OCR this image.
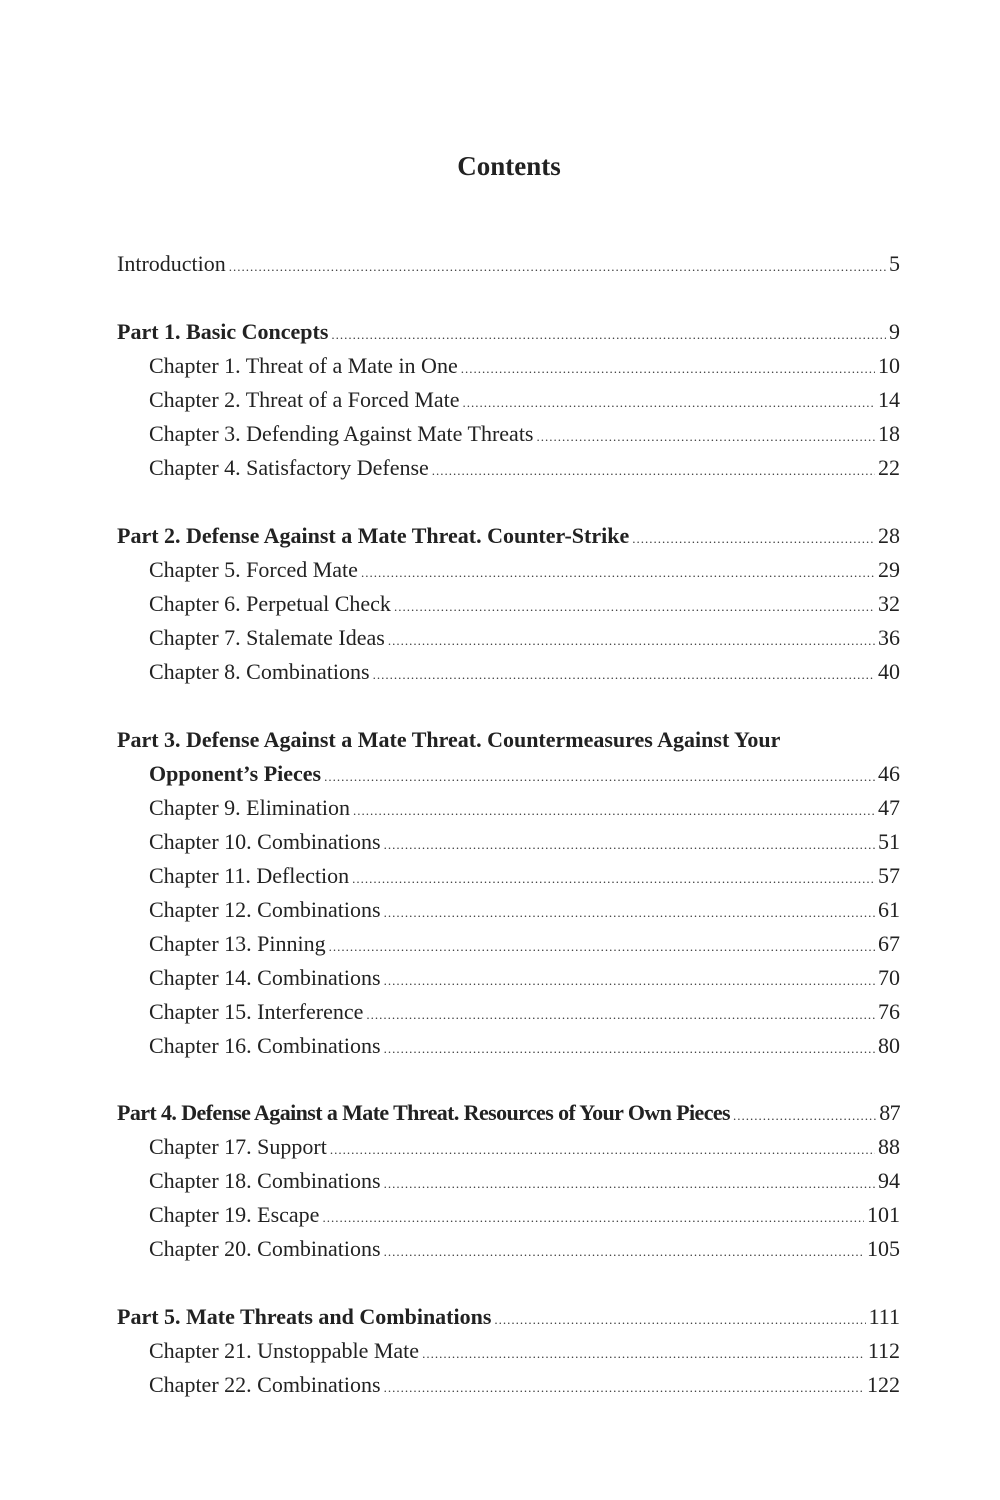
Contents
Introduction .....	5
Part 1. Basic Concepts .....	9
Chapter 1. Threat of a Mate in One .....	10
Chapter 2. Threat of a Forced Mate .....	14
Chapter 3. Defending Against Mate Threats .....	18
Chapter 4. Satisfactory Defense .....	22
Part 2. Defense Against a Mate Threat. Counter-Strike .....	28
Chapter 5. Forced Mate .....	29
Chapter 6. Perpetual Check .....	32
Chapter 7. Stalemate Ideas .....	36
Chapter 8. Combinations .....	40
Part 3. Defense Against a Mate Threat. Countermeasures Against Your
Opponent’s Pieces .....	46
Chapter 9. Elimination .....	47
Chapter 10. Combinations .....	51
Chapter 11. Deflection .....	57
Chapter 12. Combinations .....	61
Chapter 13. Pinning .....	67
Chapter 14. Combinations .....	70
Chapter 15. Interference .....	76
Chapter 16. Combinations .....	80
Part 4. Defense Against a Mate Threat. Resources of Your Own Pieces .....	87
Chapter 17. Support .....	88
Chapter 18. Combinations .....	94
Chapter 19. Escape .....	101
Chapter 20. Combinations .....	105
Part 5. Mate Threats and Combinations .....	111
Chapter 21. Unstoppable Mate .....	112
Chapter 22. Combinations .....	122
